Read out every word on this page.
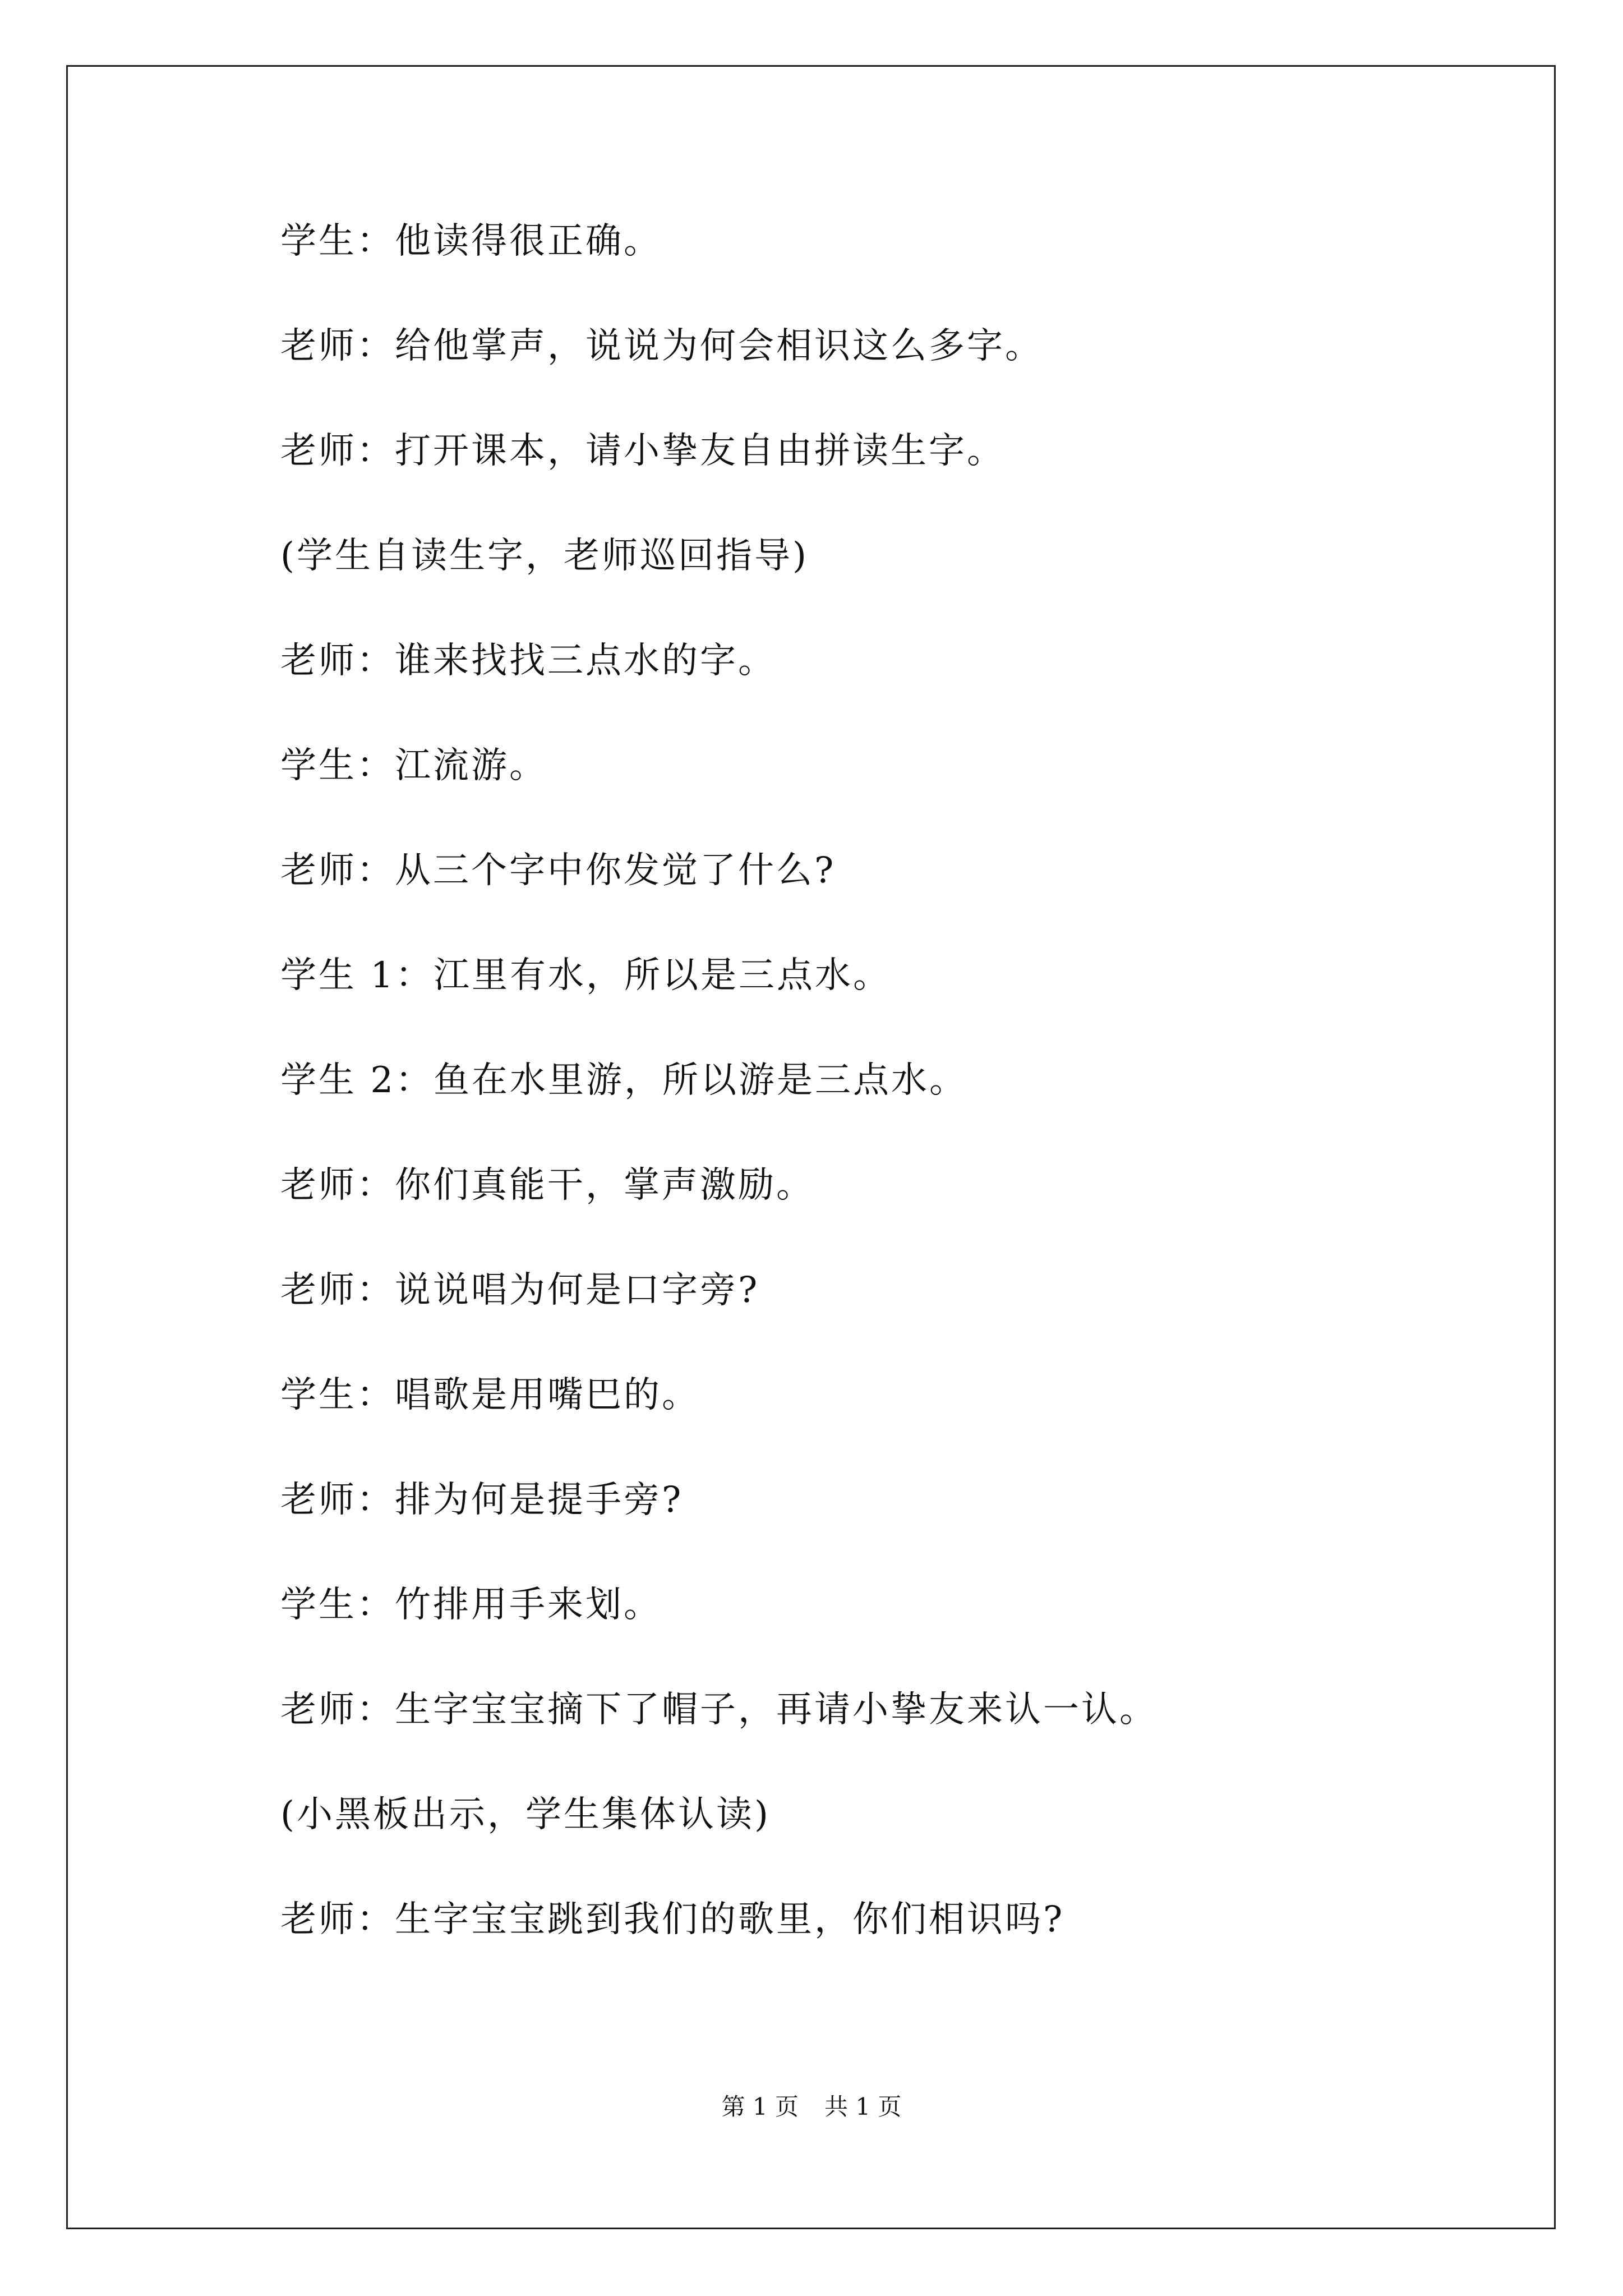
学生：他读得很正确。
老师：给他掌声，说说为何会相识这么多字。
老师：打开课本，请小挚友自由拼读生字。
(学生自读生字，老师巡回指导)
老师：谁来找找三点水的字。
学生：江流游。
老师：从三个字中你发觉了什么?
学生 1：江里有水，所以是三点水。
学生 2：鱼在水里游，所以游是三点水。
老师：你们真能干，掌声激励。
老师：说说唱为何是口字旁?
学生：唱歌是用嘴巴的。
老师：排为何是提手旁?
学生：竹排用手来划。
老师：生字宝宝摘下了帽子，再请小挚友来认一认。
(小黑板出示，学生集体认读)
老师：生字宝宝跳到我们的歌里，你们相识吗?
第 1 页 共 1 页
